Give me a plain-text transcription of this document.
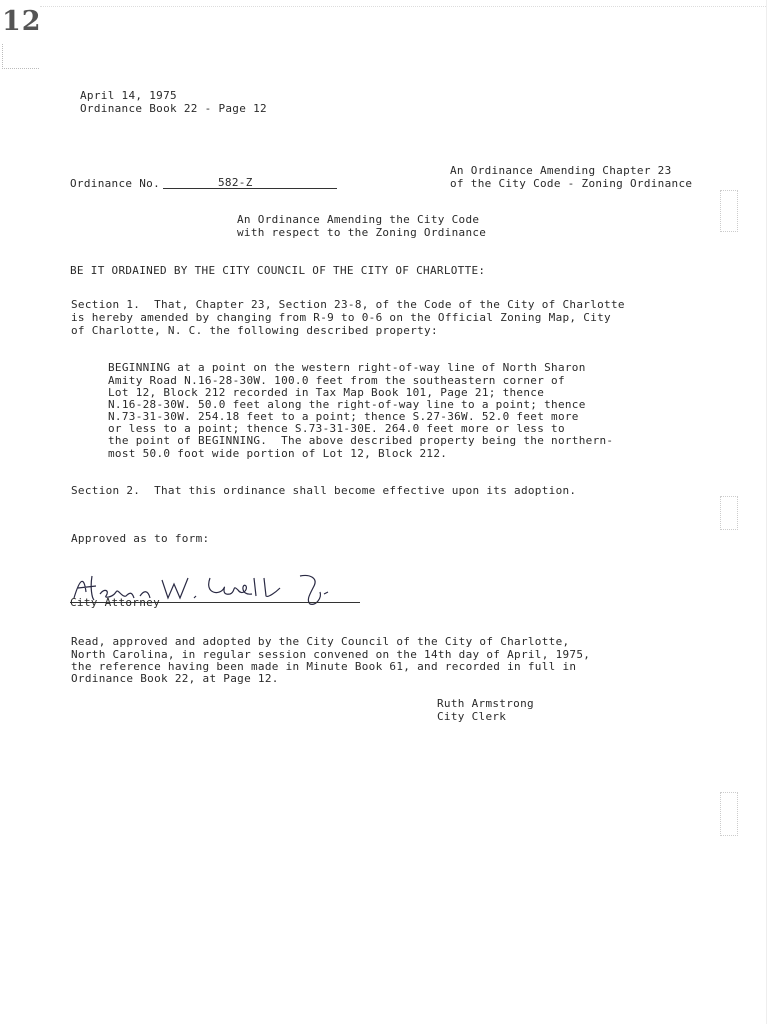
12
April 14, 1975
Ordinance Book 22 - Page 12
An Ordinance Amending Chapter 23
of the City Code - Zoning Ordinance
Ordinance No.	582-Z
An Ordinance Amending the City Code
with respect to the Zoning Ordinance
BE IT ORDAINED BY THE CITY COUNCIL OF THE CITY OF CHARLOTTE:
Section 1.  That, Chapter 23, Section 23-8, of the Code of the City of Charlotte
is hereby amended by changing from R-9 to 0-6 on the Official Zoning Map, City
of Charlotte, N. C. the following described property:
BEGINNING at a point on the western right-of-way line of North Sharon
Amity Road N.16-28-30W. 100.0 feet from the southeastern corner of
Lot 12, Block 212 recorded in Tax Map Book 101, Page 21; thence
N.16-28-30W. 50.0 feet along the right-of-way line to a point; thence
N.73-31-30W. 254.18 feet to a point; thence S.27-36W. 52.0 feet more
or less to a point; thence S.73-31-30E. 264.0 feet more or less to
the point of BEGINNING.  The above described property being the northern-
most 50.0 foot wide portion of Lot 12, Block 212.
Section 2.  That this ordinance shall become effective upon its adoption.
Approved as to form:
City Attorney
Read, approved and adopted by the City Council of the City of Charlotte,
North Carolina, in regular session convened on the 14th day of April, 1975,
the reference having been made in Minute Book 61, and recorded in full in
Ordinance Book 22, at Page 12.
Ruth Armstrong
City Clerk
